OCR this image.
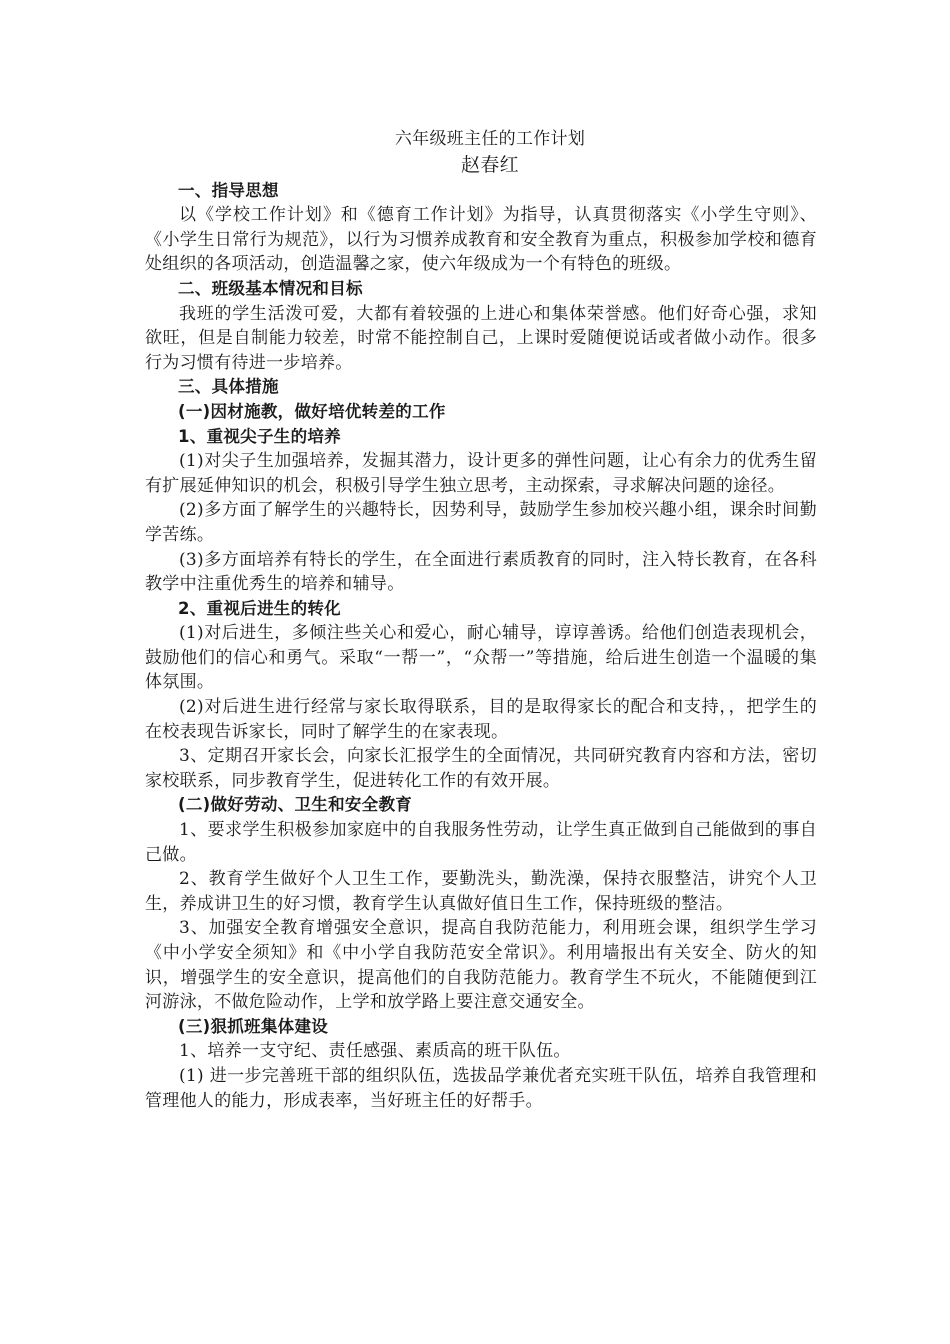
六年级班主任的工作计划

赵春红

一、指导思想

以《学校工作计划》和《德育工作计划》为指导，认真贯彻落实《小学生守则》、《小学生日常行为规范》，以行为习惯养成教育和安全教育为重点，积极参加学校和德育处组织的各项活动，创造温馨之家，使六年级成为一个有特色的班级。

二、班级基本情况和目标

我班的学生活泼可爱，大都有着较强的上进心和集体荣誉感。他们好奇心强，求知欲旺，但是自制能力较差，时常不能控制自己，上课时爱随便说话或者做小动作。很多行为习惯有待进一步培养。

三、具体措施

(一)因材施教，做好培优转差的工作

1、重视尖子生的培养

(1)对尖子生加强培养，发掘其潜力，设计更多的弹性问题，让心有余力的优秀生留有扩展延伸知识的机会，积极引导学生独立思考，主动探索，寻求解决问题的途径。

(2)多方面了解学生的兴趣特长，因势利导，鼓励学生参加校兴趣小组，课余时间勤学苦练。

(3)多方面培养有特长的学生，在全面进行素质教育的同时，注入特长教育，在各科教学中注重优秀生的培养和辅导。

2、重视后进生的转化

(1)对后进生，多倾注些关心和爱心，耐心辅导，谆谆善诱。给他们创造表现机会，鼓励他们的信心和勇气。采取“一帮一”，“众帮一”等措施，给后进生创造一个温暖的集体氛围。

(2)对后进生进行经常与家长取得联系，目的是取得家长的配合和支持，，把学生的在校表现告诉家长，同时了解学生的在家表现。

3、定期召开家长会，向家长汇报学生的全面情况，共同研究教育内容和方法，密切家校联系，同步教育学生，促进转化工作的有效开展。

(二)做好劳动、卫生和安全教育

1、要求学生积极参加家庭中的自我服务性劳动，让学生真正做到自己能做到的事自己做。

2、教育学生做好个人卫生工作，要勤洗头，勤洗澡，保持衣服整洁，讲究个人卫生，养成讲卫生的好习惯，教育学生认真做好值日生工作，保持班级的整洁。

3、加强安全教育增强安全意识，提高自我防范能力，利用班会课，组织学生学习《中小学安全须知》和《中小学自我防范安全常识》。利用墙报出有关安全、防火的知识，增强学生的安全意识，提高他们的自我防范能力。教育学生不玩火，不能随便到江河游泳，不做危险动作，上学和放学路上要注意交通安全。

(三)狠抓班集体建设

1、培养一支守纪、责任感强、素质高的班干队伍。

(1) 进一步完善班干部的组织队伍，选拔品学兼优者充实班干队伍，培养自我管理和管理他人的能力，形成表率，当好班主任的好帮手。
